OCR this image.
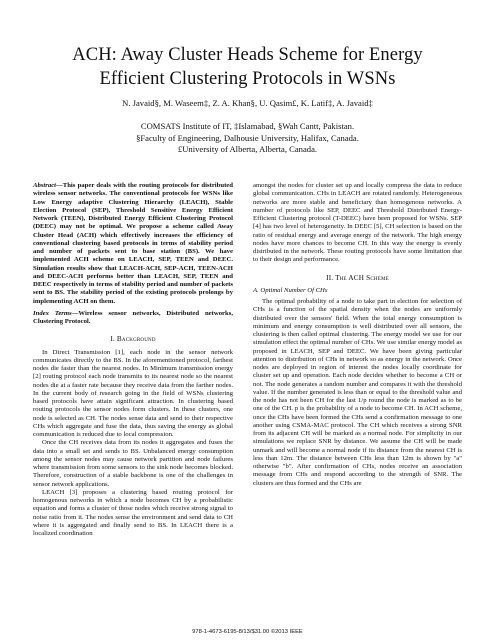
ACH: Away Cluster Heads Scheme for Energy
Efficient Clustering Protocols in WSNs
N. Javaid§, M. Waseem‡, Z. A. Khan§, U. Qasim£, K. Latif‡, A. Javaid‡
COMSATS Institute of IT, ‡Islamabad, §Wah Cantt, Pakistan.
§Faculty of Engineering, Dalhousie University, Halifax, Canada.
£University of Alberta, Alberta, Canada.
Abstract—This paper deals with the routing protocols for distributed wireless sensor networks. The conventional protocols for WSNs like Low Energy adaptive Clustering Hierarchy (LEACH), Stable Election Protocol (SEP), Threshold Sensitive Energy Efficient Network (TEEN), Distributed Energy Efficient Clustering Protocol (DEEC) may not be optimal. We propose a scheme called Away Cluster Head (ACH) which effectively increases the efficiency of conventional clustering based protocols in terms of stability period and number of packets sent to base station (BS). We have implemented ACH scheme on LEACH, SEP, TEEN and DEEC. Simulation results show that LEACH-ACH, SEP-ACH, TEEN-ACH and DEEC-ACH performs better than LEACH, SEP, TEEN and DEEC respectively in terms of stability period and number of packets sent to BS. The stability period of the existing protocols prolongs by implementing ACH on them.
Index Terms—Wireless sensor networks, Distributed networks, Clustering Protocol.
I. Background

In Direct Transmission [1], each node in the sensor network communicates directly to the BS. In the aforementioned protocol, farthest nodes die faster than the nearest nodes. In Minimum transmission energy [2] routing protocol each node transmits to its nearest node so the nearest nodes die at a faster rate because they receive data from the farther nodes. In the current body of research going in the field of WSNs clustering based protocols have attain significant attraction. In clustering based routing protocols the sensor nodes form clusters. In these clusters, one node is selected as CH. The nodes sense data and send to their respective CHs which aggregate and fuse the data, thus saving the energy as global communication is reduced due to local compression.

Once the CH receives data from its nodes it aggregates and fuses the data into a small set and sends to BS. Unbalanced energy consumption among the sensor nodes may cause network partition and node failures where transmission from some sensors to the sink node becomes blocked. Therefore, construction of a stable backbone is one of the challenges in sensor network applications.

LEACH [3] proposes a clustering based routing protocol for homogenous networks in which a node becomes CH by a probabilistic equation and forms a cluster of those nodes which receive strong signal to noise ratio from it. The nodes sense the environment and send data to CH where it is aggregated and finally send to BS. In LEACH there is a localized coordination

amongst the nodes for cluster set up and locally compress the data to reduce global communication. CHs in LEACH are rotated randomly. Heterogeneous networks are more stable and beneficiary than homogenous networks. A number of protocols like SEP, DEEC and Threshold Distributed Energy-Efficient Clustering protocol (T-DEEC) have been proposed for WSNs. SEP [4] has two level of heterogeneity. In DEEC [5], CH selection is based on the ratio of residual energy and average energy of the network. The high energy nodes have more chances to become CH. In this way the energy is evenly distributed in the network. These routing protocols have some limitation due to their design and performance.

II. The ACH Scheme
A. Optimal Number Of CHs

The optimal probability of a node to take part in election for selection of CHs is a function of the spatial density when the nodes are uniformly distributed over the sensors' field. When the total energy consumption is minimum and energy consumption is well distributed over all sensors, the clustering is then called optimal clustering. The energy model we use for our simulation effect the optimal number of CHs. We use similar energy model as proposed in LEACH, SEP and DEEC. We have been giving particular attention to distribution of CHs in network so as energy in the network. Once nodes are deployed in region of interest the nodes locally coordinate for cluster set up and operation. Each node decides whether to become a CH or not. The node generates a random number and compares it with the threshold value. If the number generated is less than or equal to the threshold value and the node has not been CH for the last 1/p round the node is marked as to be one of the CH. p is the probability of a node to become CH. In ACH scheme, once the CHs have been formed the CHs send a confirmation message to one another using CSMA-MAC protocol. The CH which receives a strong SNR from its adjacent CH will be marked as a normal node. For simplicity in our simulations we replace SNR by distance. We assume the CH will be made unmark and will become a normal node if its distance from the nearest CH is less than 12m. The distance between CHs less than 12m is shown by "a" otherwise "b". After confirmation of CHs, nodes receive an association message from CHs and respond according to the strength of SNR. The clusters are thus formed and the CHs are

978-1-4673-6195-8/13/$31.00 ©2013 IEEE
